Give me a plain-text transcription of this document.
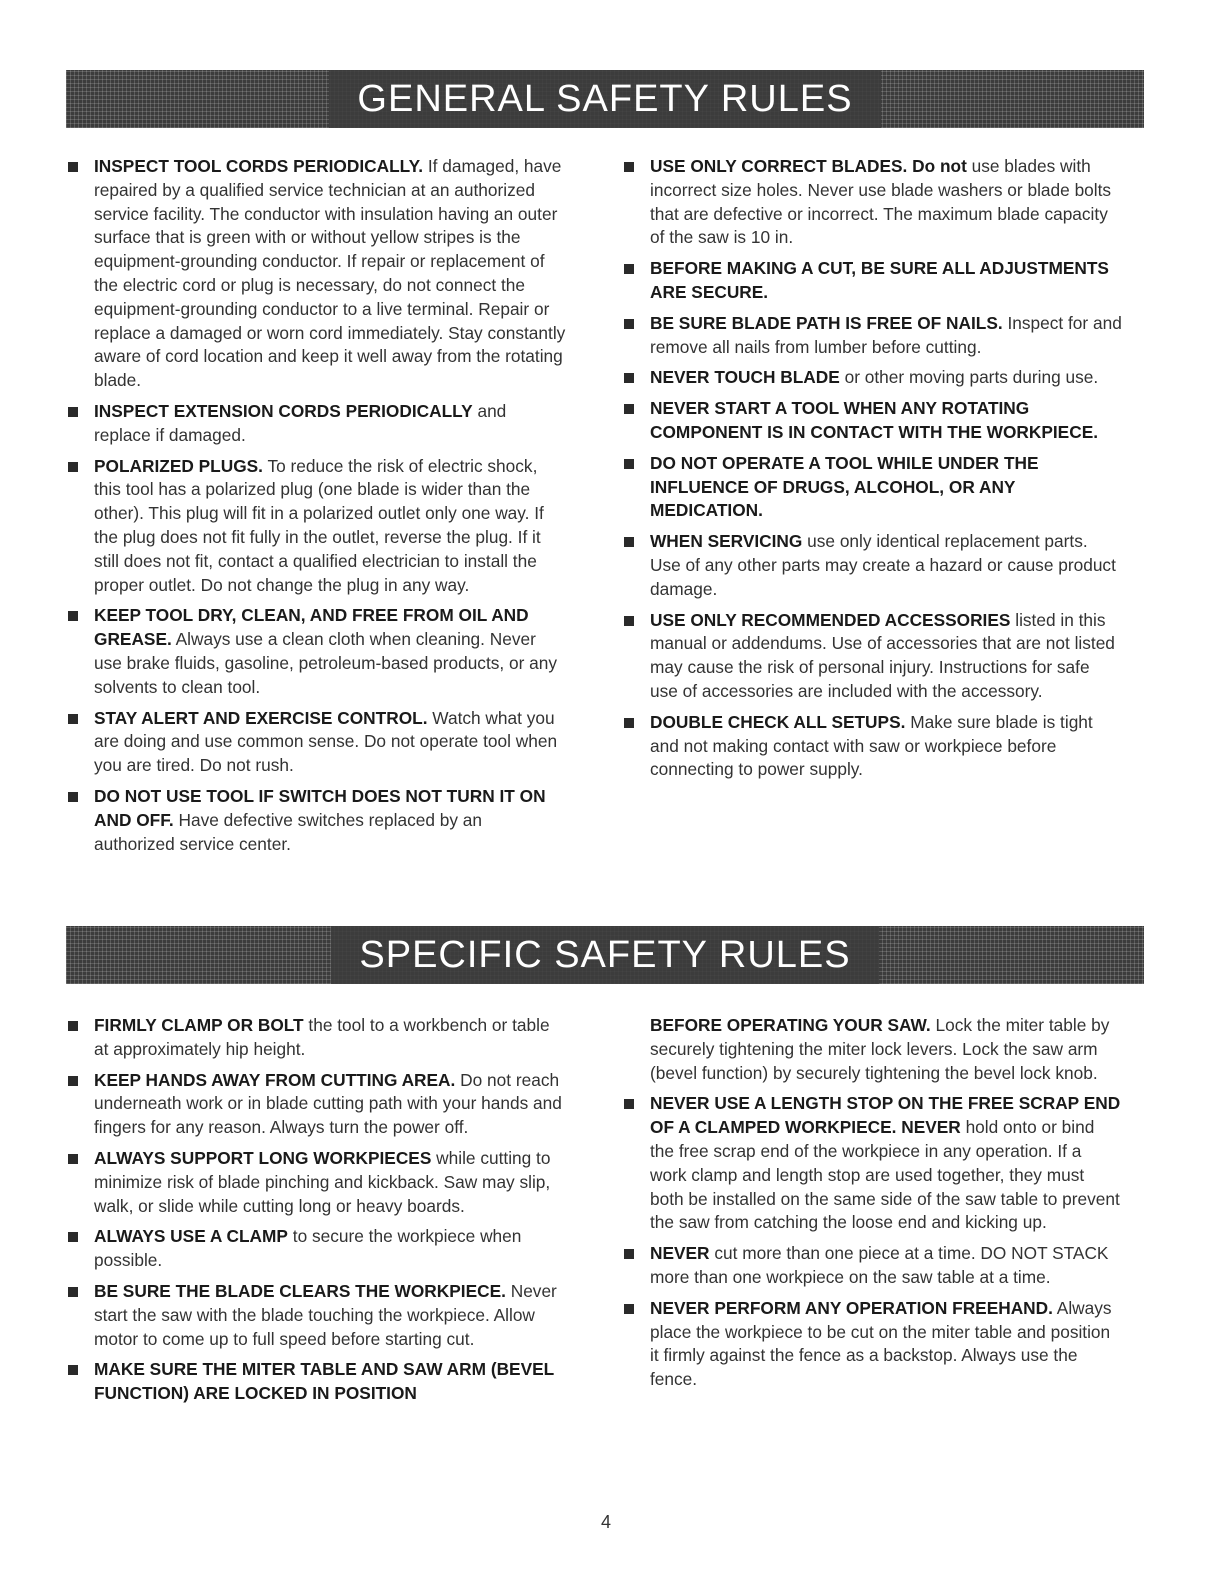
GENERAL SAFETY RULES
INSPECT TOOL CORDS PERIODICALLY. If damaged, have repaired by a qualified service technician at an authorized service facility. The conductor with insulation having an outer surface that is green with or without yellow stripes is the equipment-grounding conductor. If repair or replacement of the electric cord or plug is necessary, do not connect the equipment-grounding conductor to a live terminal. Repair or replace a damaged or worn cord immediately. Stay constantly aware of cord location and keep it well away from the rotating blade.
INSPECT EXTENSION CORDS PERIODICALLY and replace if damaged.
POLARIZED PLUGS. To reduce the risk of electric shock, this tool has a polarized plug (one blade is wider than the other). This plug will fit in a polarized outlet only one way. If the plug does not fit fully in the outlet, reverse the plug. If it still does not fit, contact a qualified electrician to install the proper outlet. Do not change the plug in any way.
KEEP TOOL DRY, CLEAN, AND FREE FROM OIL AND GREASE. Always use a clean cloth when cleaning. Never use brake fluids, gasoline, petroleum-based products, or any solvents to clean tool.
STAY ALERT AND EXERCISE CONTROL. Watch what you are doing and use common sense. Do not operate tool when you are tired. Do not rush.
DO NOT USE TOOL IF SWITCH DOES NOT TURN IT ON AND OFF. Have defective switches replaced by an authorized service center.
USE ONLY CORRECT BLADES. Do not use blades with incorrect size holes. Never use blade washers or blade bolts that are defective or incorrect. The maximum blade capacity of the saw is 10 in.
BEFORE MAKING A CUT, BE SURE ALL ADJUSTMENTS ARE SECURE.
BE SURE BLADE PATH IS FREE OF NAILS. Inspect for and remove all nails from lumber before cutting.
NEVER TOUCH BLADE or other moving parts during use.
NEVER START A TOOL WHEN ANY ROTATING COMPONENT IS IN CONTACT WITH THE WORKPIECE.
DO NOT OPERATE A TOOL WHILE UNDER THE INFLUENCE OF DRUGS, ALCOHOL, OR ANY MEDICATION.
WHEN SERVICING use only identical replacement parts. Use of any other parts may create a hazard or cause product damage.
USE ONLY RECOMMENDED ACCESSORIES listed in this manual or addendums. Use of accessories that are not listed may cause the risk of personal injury. Instructions for safe use of accessories are included with the accessory.
DOUBLE CHECK ALL SETUPS. Make sure blade is tight and not making contact with saw or workpiece before connecting to power supply.
SPECIFIC SAFETY RULES
FIRMLY CLAMP OR BOLT the tool to a workbench or table at approximately hip height.
KEEP HANDS AWAY FROM CUTTING AREA. Do not reach underneath work or in blade cutting path with your hands and fingers for any reason. Always turn the power off.
ALWAYS SUPPORT LONG WORKPIECES while cutting to minimize risk of blade pinching and kickback. Saw may slip, walk, or slide while cutting long or heavy boards.
ALWAYS USE A CLAMP to secure the workpiece when possible.
BE SURE THE BLADE CLEARS THE WORKPIECE. Never start the saw with the blade touching the workpiece. Allow motor to come up to full speed before starting cut.
MAKE SURE THE MITER TABLE AND SAW ARM (BEVEL FUNCTION) ARE LOCKED IN POSITION
BEFORE OPERATING YOUR SAW. Lock the miter table by securely tightening the miter lock levers. Lock the saw arm (bevel function) by securely tightening the bevel lock knob.
NEVER USE A LENGTH STOP ON THE FREE SCRAP END OF A CLAMPED WORKPIECE. NEVER hold onto or bind the free scrap end of the workpiece in any operation. If a work clamp and length stop are used together, they must both be installed on the same side of the saw table to prevent the saw from catching the loose end and kicking up.
NEVER cut more than one piece at a time. DO NOT STACK more than one workpiece on the saw table at a time.
NEVER PERFORM ANY OPERATION FREEHAND. Always place the workpiece to be cut on the miter table and position it firmly against the fence as a backstop. Always use the fence.
4
